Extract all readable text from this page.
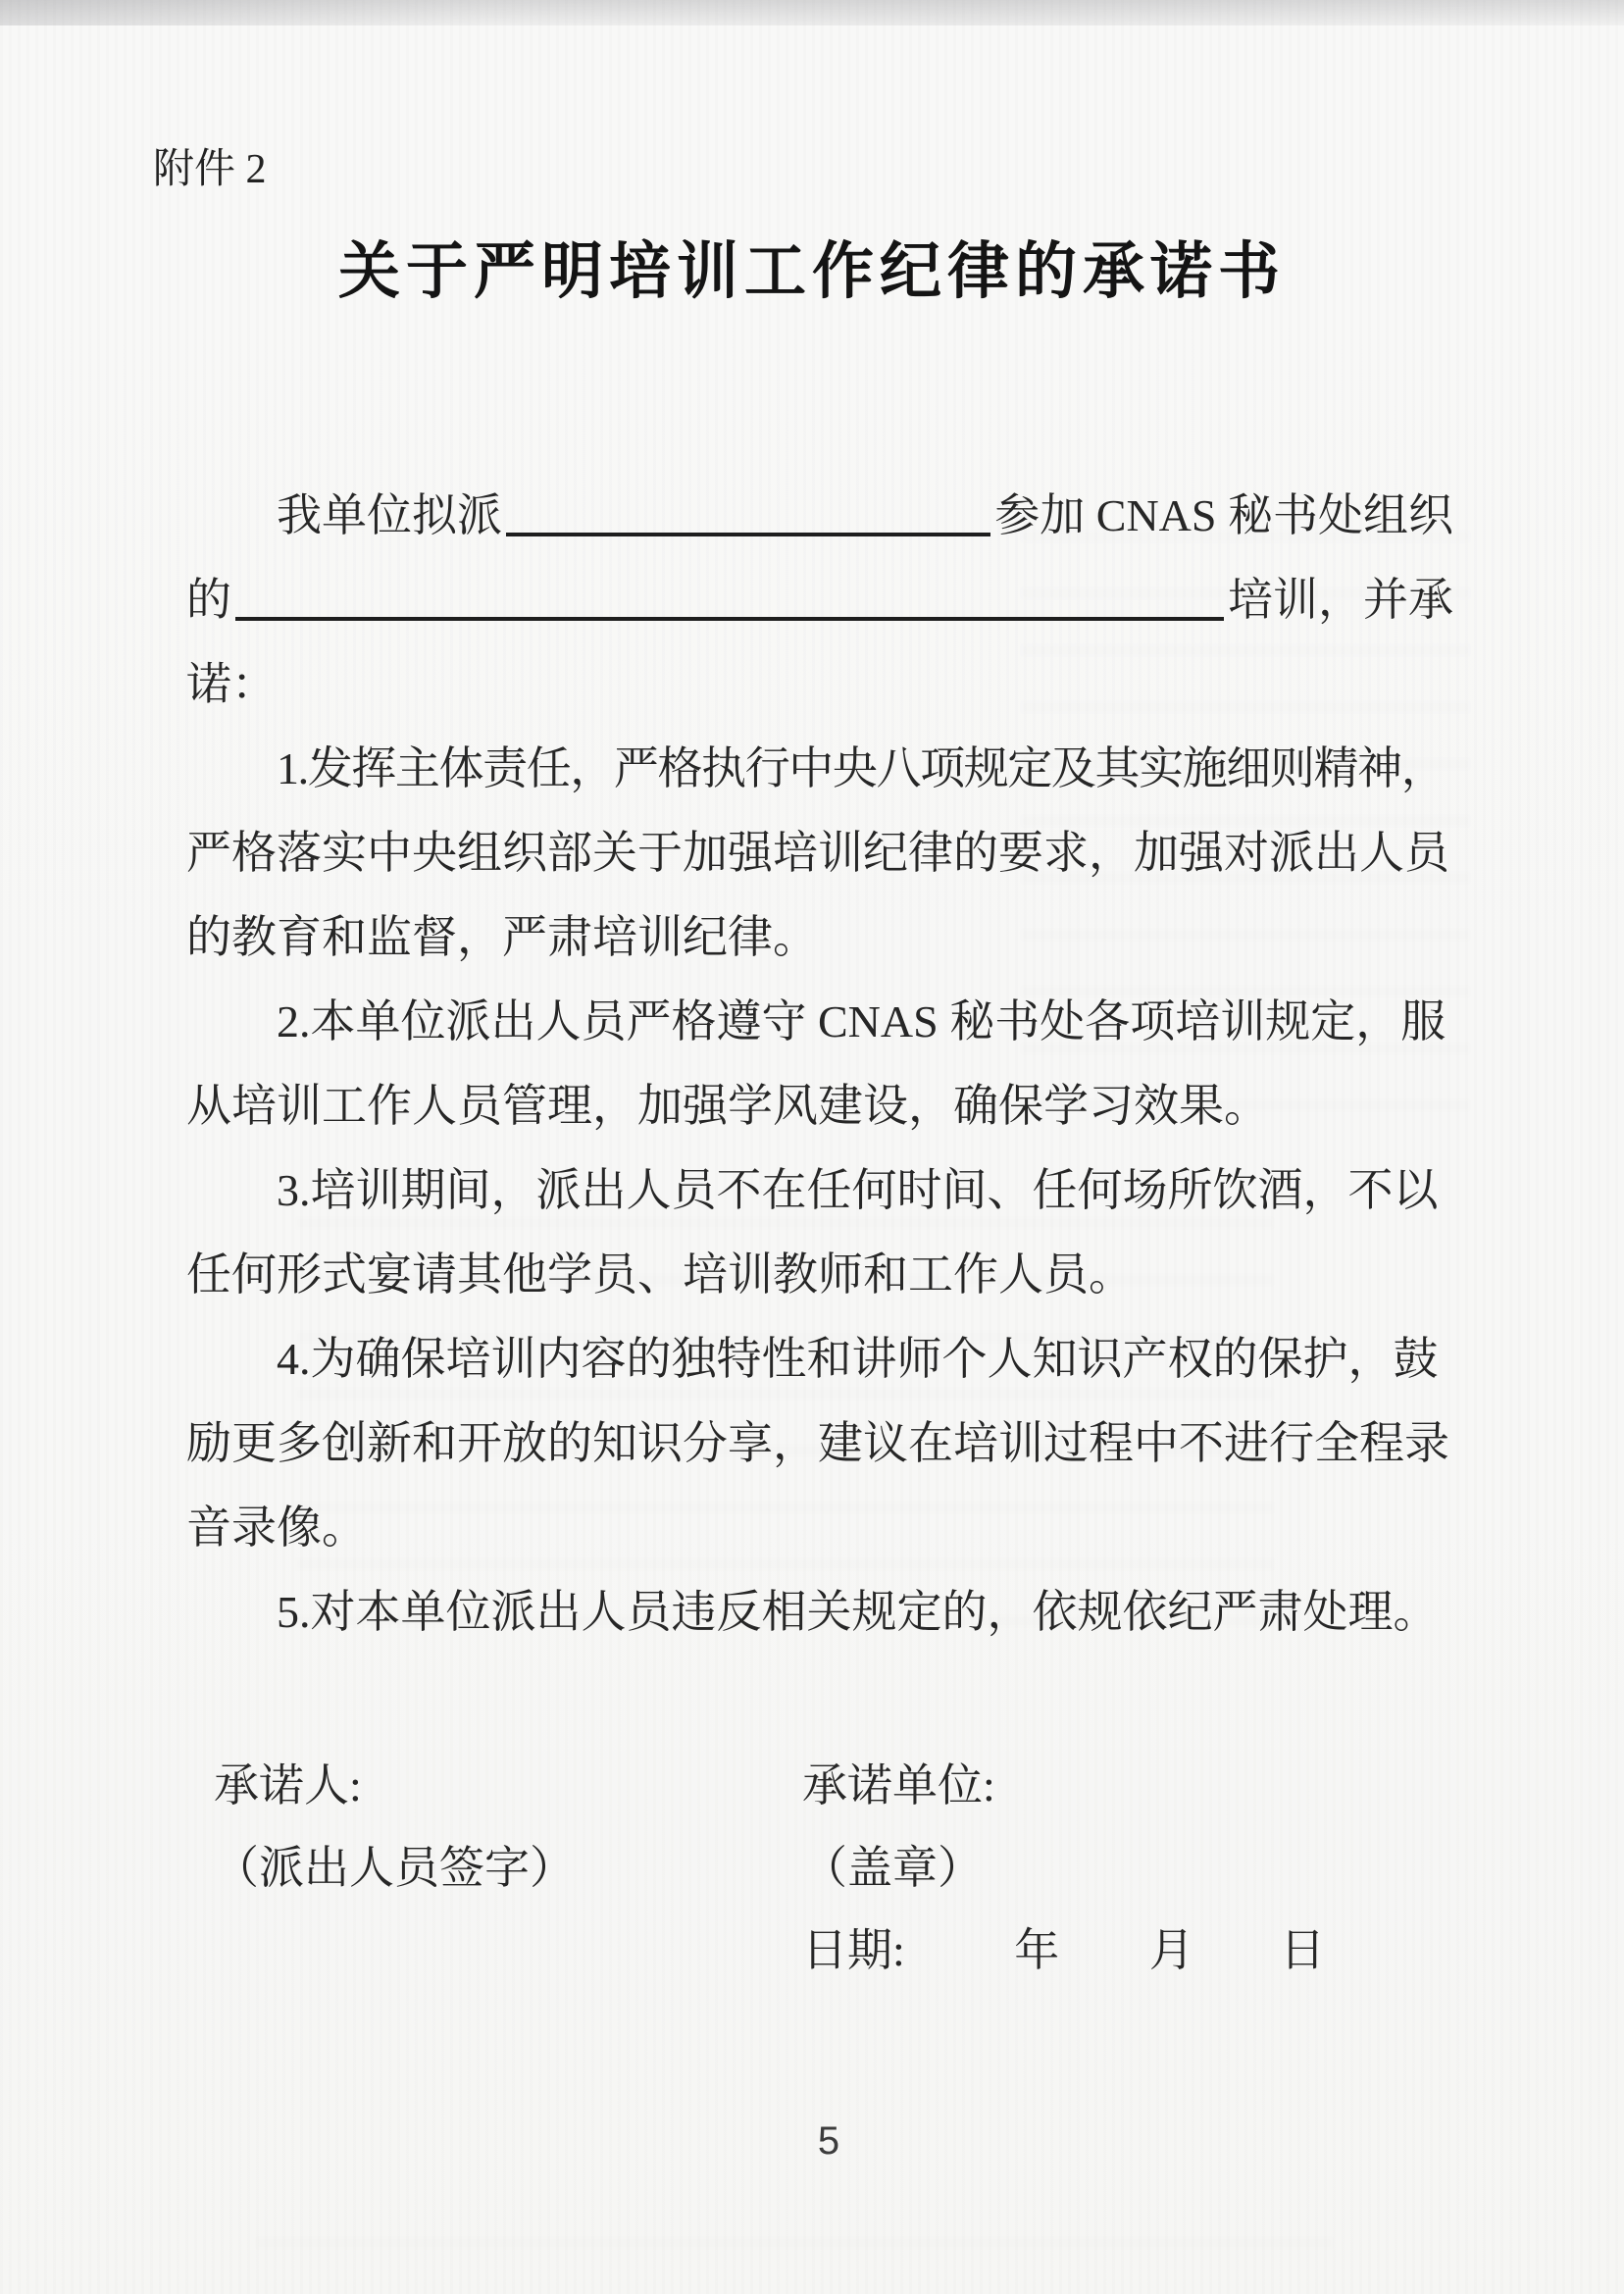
附件 2
关于严明培训工作纪律的承诺书
我单位拟派	参加 CNAS 秘书处组织
的	培训，并承
诺：
1.发挥主体责任，严格执行中央八项规定及其实施细则精神，
严格落实中央组织部关于加强培训纪律的要求，加强对派出人员
的教育和监督，严肃培训纪律。
2.本单位派出人员严格遵守 CNAS 秘书处各项培训规定，服
从培训工作人员管理，加强学风建设，确保学习效果。
3.培训期间，派出人员不在任何时间、任何场所饮酒，不以
任何形式宴请其他学员、培训教师和工作人员。
4.为确保培训内容的独特性和讲师个人知识产权的保护，鼓
励更多创新和开放的知识分享，建议在培训过程中不进行全程录
音录像。
5.对本单位派出人员违反相关规定的，依规依纪严肃处理。
承诺人:
（派出人员签字）
承诺单位:
（盖章）
日期: 年 月 日
5
